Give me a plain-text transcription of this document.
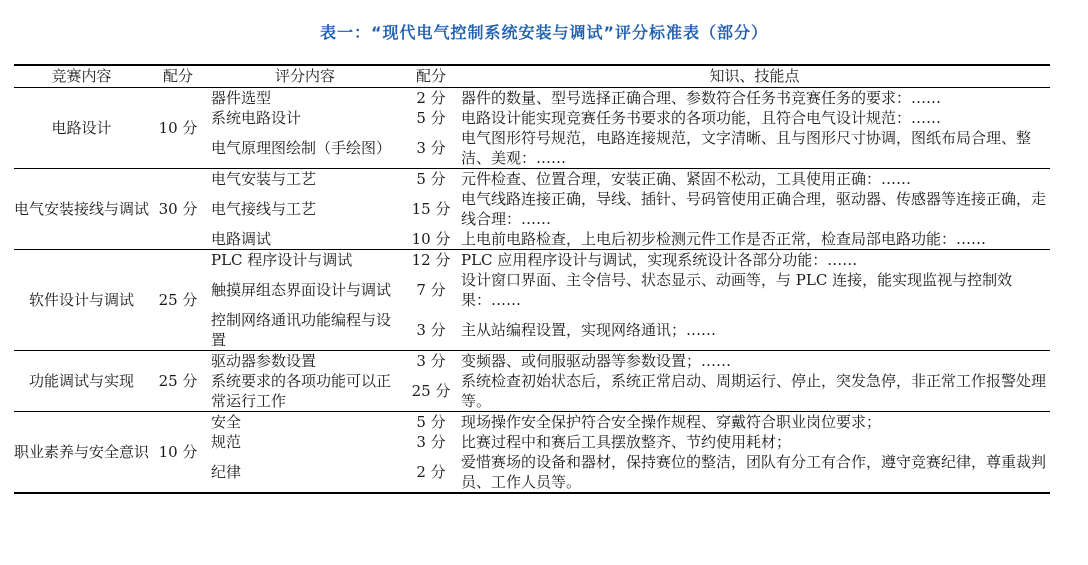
表一：“现代电气控制系统安装与调试”评分标准表（部分）
竞赛内容	配分	评分内容	配分	知识、技能点
电路设计	10 分	器件选型	2 分	器件的数量、型号选择正确合理、参数符合任务书竞赛任务的要求：……
		系统电路设计	5 分	电路设计能实现竞赛任务书要求的各项功能，且符合电气设计规范：……
		电气原理图绘制（手绘图）	3 分	电气图形符号规范，电路连接规范，文字清晰、且与图形尺寸协调，图纸布局合理、整洁、美观：……
电气安装接线与调试	30 分	电气安装与工艺	5 分	元件检查、位置合理，安装正确、紧固不松动，工具使用正确：……
		电气接线与工艺	15 分	电气线路连接正确，导线、插针、号码管使用正确合理，驱动器、传感器等连接正确，走线合理：……
		电路调试	10 分	上电前电路检查，上电后初步检测元件工作是否正常，检查局部电路功能：……
软件设计与调试	25 分	PLC 程序设计与调试	12 分	PLC 应用程序设计与调试，实现系统设计各部分功能：……
		触摸屏组态界面设计与调试	7 分	设计窗口界面、主令信号、状态显示、动画等，与 PLC 连接，能实现监视与控制效果：……
		控制网络通讯功能编程与设置	3 分	主从站编程设置，实现网络通讯；……
功能调试与实现	25 分	驱动器参数设置	3 分	变频器、或伺服驱动器等参数设置；……
		系统要求的各项功能可以正常运行工作	25 分	系统检查初始状态后，系统正常启动、周期运行、停止，突发急停，非正常工作报警处理等。
职业素养与安全意识	10 分	安全	5 分	现场操作安全保护符合安全操作规程、穿戴符合职业岗位要求；
		规范	3 分	比赛过程中和赛后工具摆放整齐、节约使用耗材；
		纪律	2 分	爱惜赛场的设备和器材，保持赛位的整洁，团队有分工有合作，遵守竞赛纪律，尊重裁判员、工作人员等。
